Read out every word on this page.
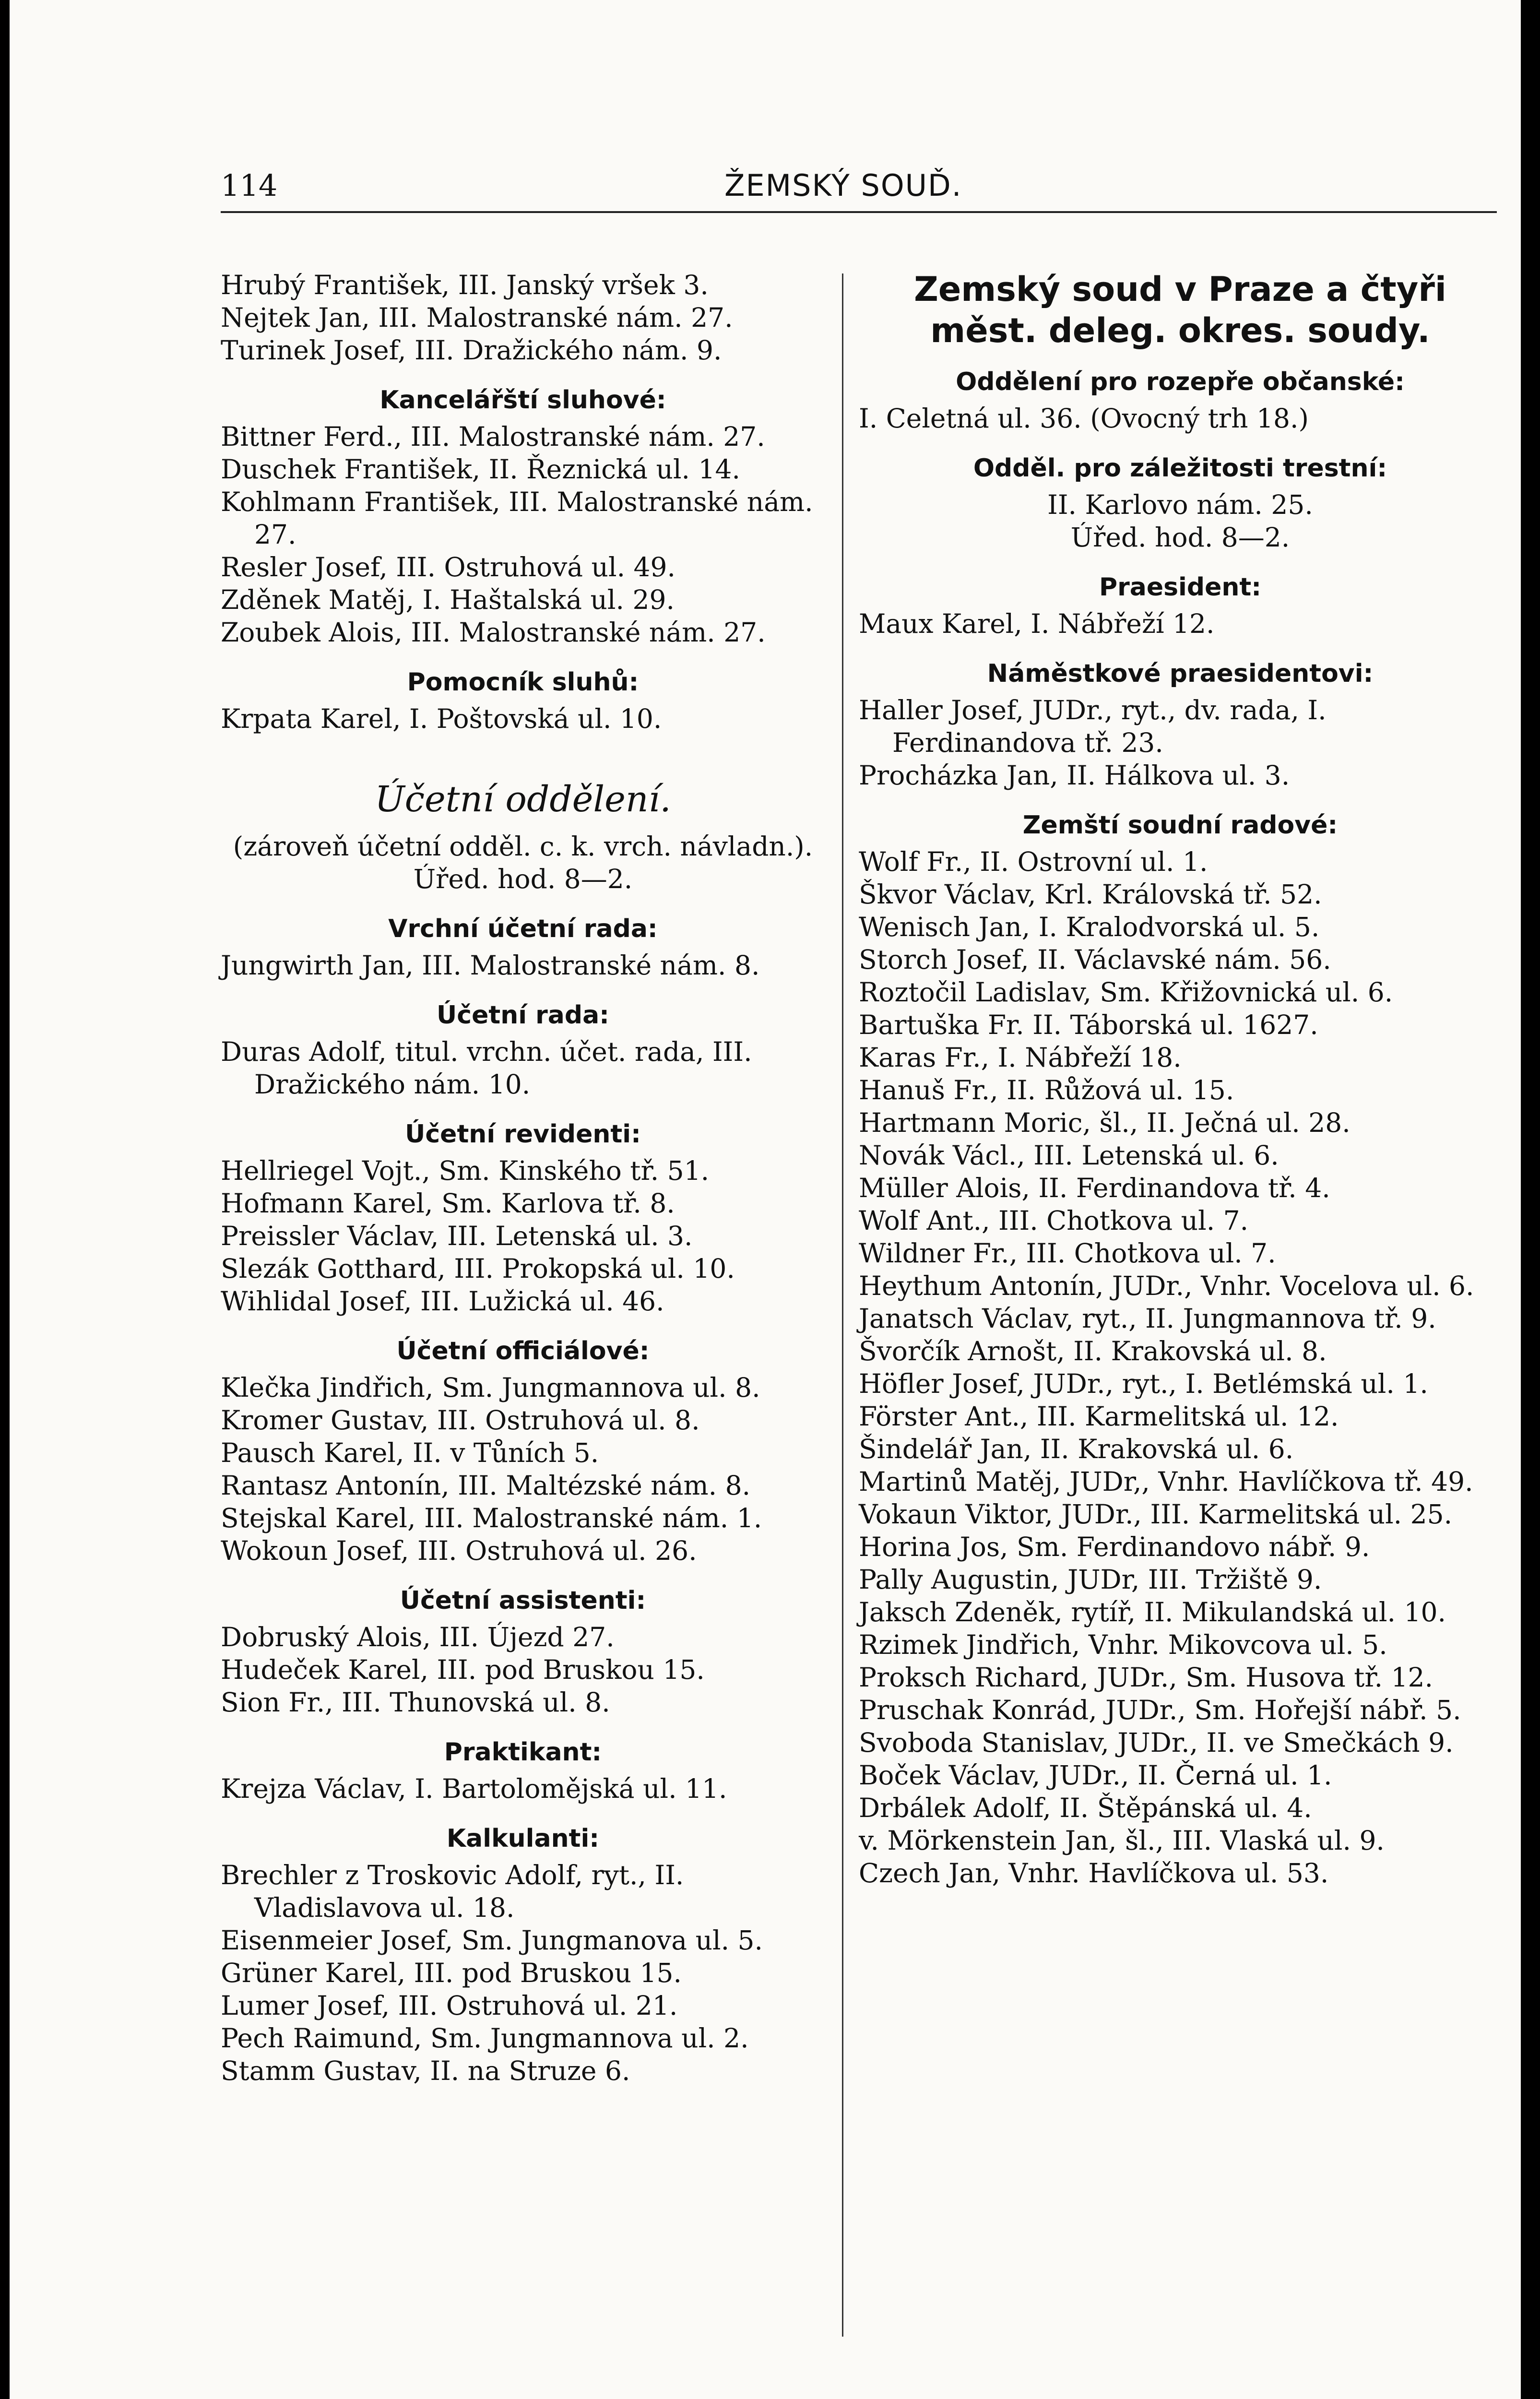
114	ŽEMSKÝ SOUĎ.

Hrubý František, III. Janský vršek 3.

Nejtek Jan, III. Malostranské nám. 27.

Turinek Josef, III. Dražického nám. 9.

Kancelářští sluhové:

Bittner Ferd., III. Malostranské nám. 27.

Duschek František, II. Řeznická ul. 14.

Kohlmann František, III. Malostranské nám. 27.

Resler Josef, III. Ostruhová ul. 49.

Zděnek Matěj, I. Haštalská ul. 29.

Zoubek Alois, III. Malostranské nám. 27.

Pomocník sluhů:

Krpata Karel, I. Poštovská ul. 10.

Účetní oddělení.

(zároveň účetní odděl. c. k. vrch. návladn.).

Úřed. hod. 8—2.

Vrchní účetní rada:

Jungwirth Jan, III. Malostranské nám. 8.

Účetní rada:

Duras Adolf, titul. vrchn. účet. rada, III. Dražického nám. 10.

Účetní revidenti:

Hellriegel Vojt., Sm. Kinského tř. 51.

Hofmann Karel, Sm. Karlova tř. 8.

Preissler Václav, III. Letenská ul. 3.

Slezák Gotthard, III. Prokopská ul. 10.

Wihlidal Josef, III. Lužická ul. 46.

Účetní officiálové:

Klečka Jindřich, Sm. Jungmannova ul. 8.

Kromer Gustav, III. Ostruhová ul. 8.

Pausch Karel, II. v Tůních 5.

Rantasz Antonín, III. Maltézské nám. 8.

Stejskal Karel, III. Malostranské nám. 1.

Wokoun Josef, III. Ostruhová ul. 26.

Účetní assistenti:

Dobruský Alois, III. Újezd 27.

Hudeček Karel, III. pod Bruskou 15.

Sion Fr., III. Thunovská ul. 8.

Praktikant:

Krejza Václav, I. Bartoloměјská ul. 11.

Kalkulanti:

Brechler z Troskovic Adolf, ryt., II. Vladislavova ul. 18.

Eisenmeier Josef, Sm. Jungmanova ul. 5.

Grüner Karel, III. pod Bruskou 15.

Lumer Josef, III. Ostruhová ul. 21.

Pech Raimund, Sm. Jungmannova ul. 2.

Stamm Gustav, II. na Struze 6.

Zemský soud v Praze a čtyři měst. deleg. okres. soudy.

Oddělení pro rozepře občanské:

I. Celetná ul. 36. (Ovocný trh 18.)

Odděl. pro záležitosti trestní:

II. Karlovo nám. 25.

Úřed. hod. 8—2.

Praesident:

Maux Karel, I. Nábřeží 12.

Náměstkové praesidentovi:

Haller Josef, JUDr., ryt., dv. rada, I. Ferdinandova tř. 23.

Procházka Jan, II. Hálkova ul. 3.

Zemští soudní radové:

Wolf Fr., II. Ostrovní ul. 1.

Škvor Václav, Krl. Královská tř. 52.

Wenisch Jan, I. Kralodvorská ul. 5.

Storch Josef, II. Václavské nám. 56.

Roztočil Ladislav, Sm. Křižovnická ul. 6.

Bartuška Fr. II. Táborská ul. 1627.

Karas Fr., I. Nábřeží 18.

Hanuš Fr., II. Růžová ul. 15.

Hartmann Moric, šl., II. Ječná ul. 28.

Novák Václ., III. Letenská ul. 6.

Müller Alois, II. Ferdinandova tř. 4.

Wolf Ant., III. Chotkova ul. 7.

Wildner Fr., III. Chotkova ul. 7.

Heythum Antonín, JUDr., Vnhr. Vocelova ul. 6.

Janatsch Václav, ryt., II. Jungmannova tř. 9.

Švorčík Arnošt, II. Krakovská ul. 8.

Höfler Josef, JUDr., ryt., I. Betlémská ul. 1.

Förster Ant., III. Karmelitská ul. 12.

Šindelář Jan, II. Krakovská ul. 6.

Martinů Matěj, JUDr,, Vnhr. Havlíčkova tř. 49.

Vokaun Viktor, JUDr., III. Karmelitská ul. 25.

Horina Jos, Sm. Ferdinandovo nábř. 9.

Pally Augustin, JUDr, III. Tržiště 9.

Jaksch Zdeněk, rytíř, II. Mikulandská ul. 10.

Rzimek Jindřich, Vnhr. Mikovcova ul. 5.

Proksch Richard, JUDr., Sm. Husova tř. 12.

Pruschak Konrád, JUDr., Sm. Hořejší nábř. 5.

Svoboda Stanislav, JUDr., II. ve Smečkách 9.

Boček Václav, JUDr., II. Černá ul. 1.

Drbálek Adolf, II. Štěpánská ul. 4.

v. Mörkenstein Jan, šl., III. Vlaská ul. 9.

Czech Jan, Vnhr. Havlíčkova ul. 53.
